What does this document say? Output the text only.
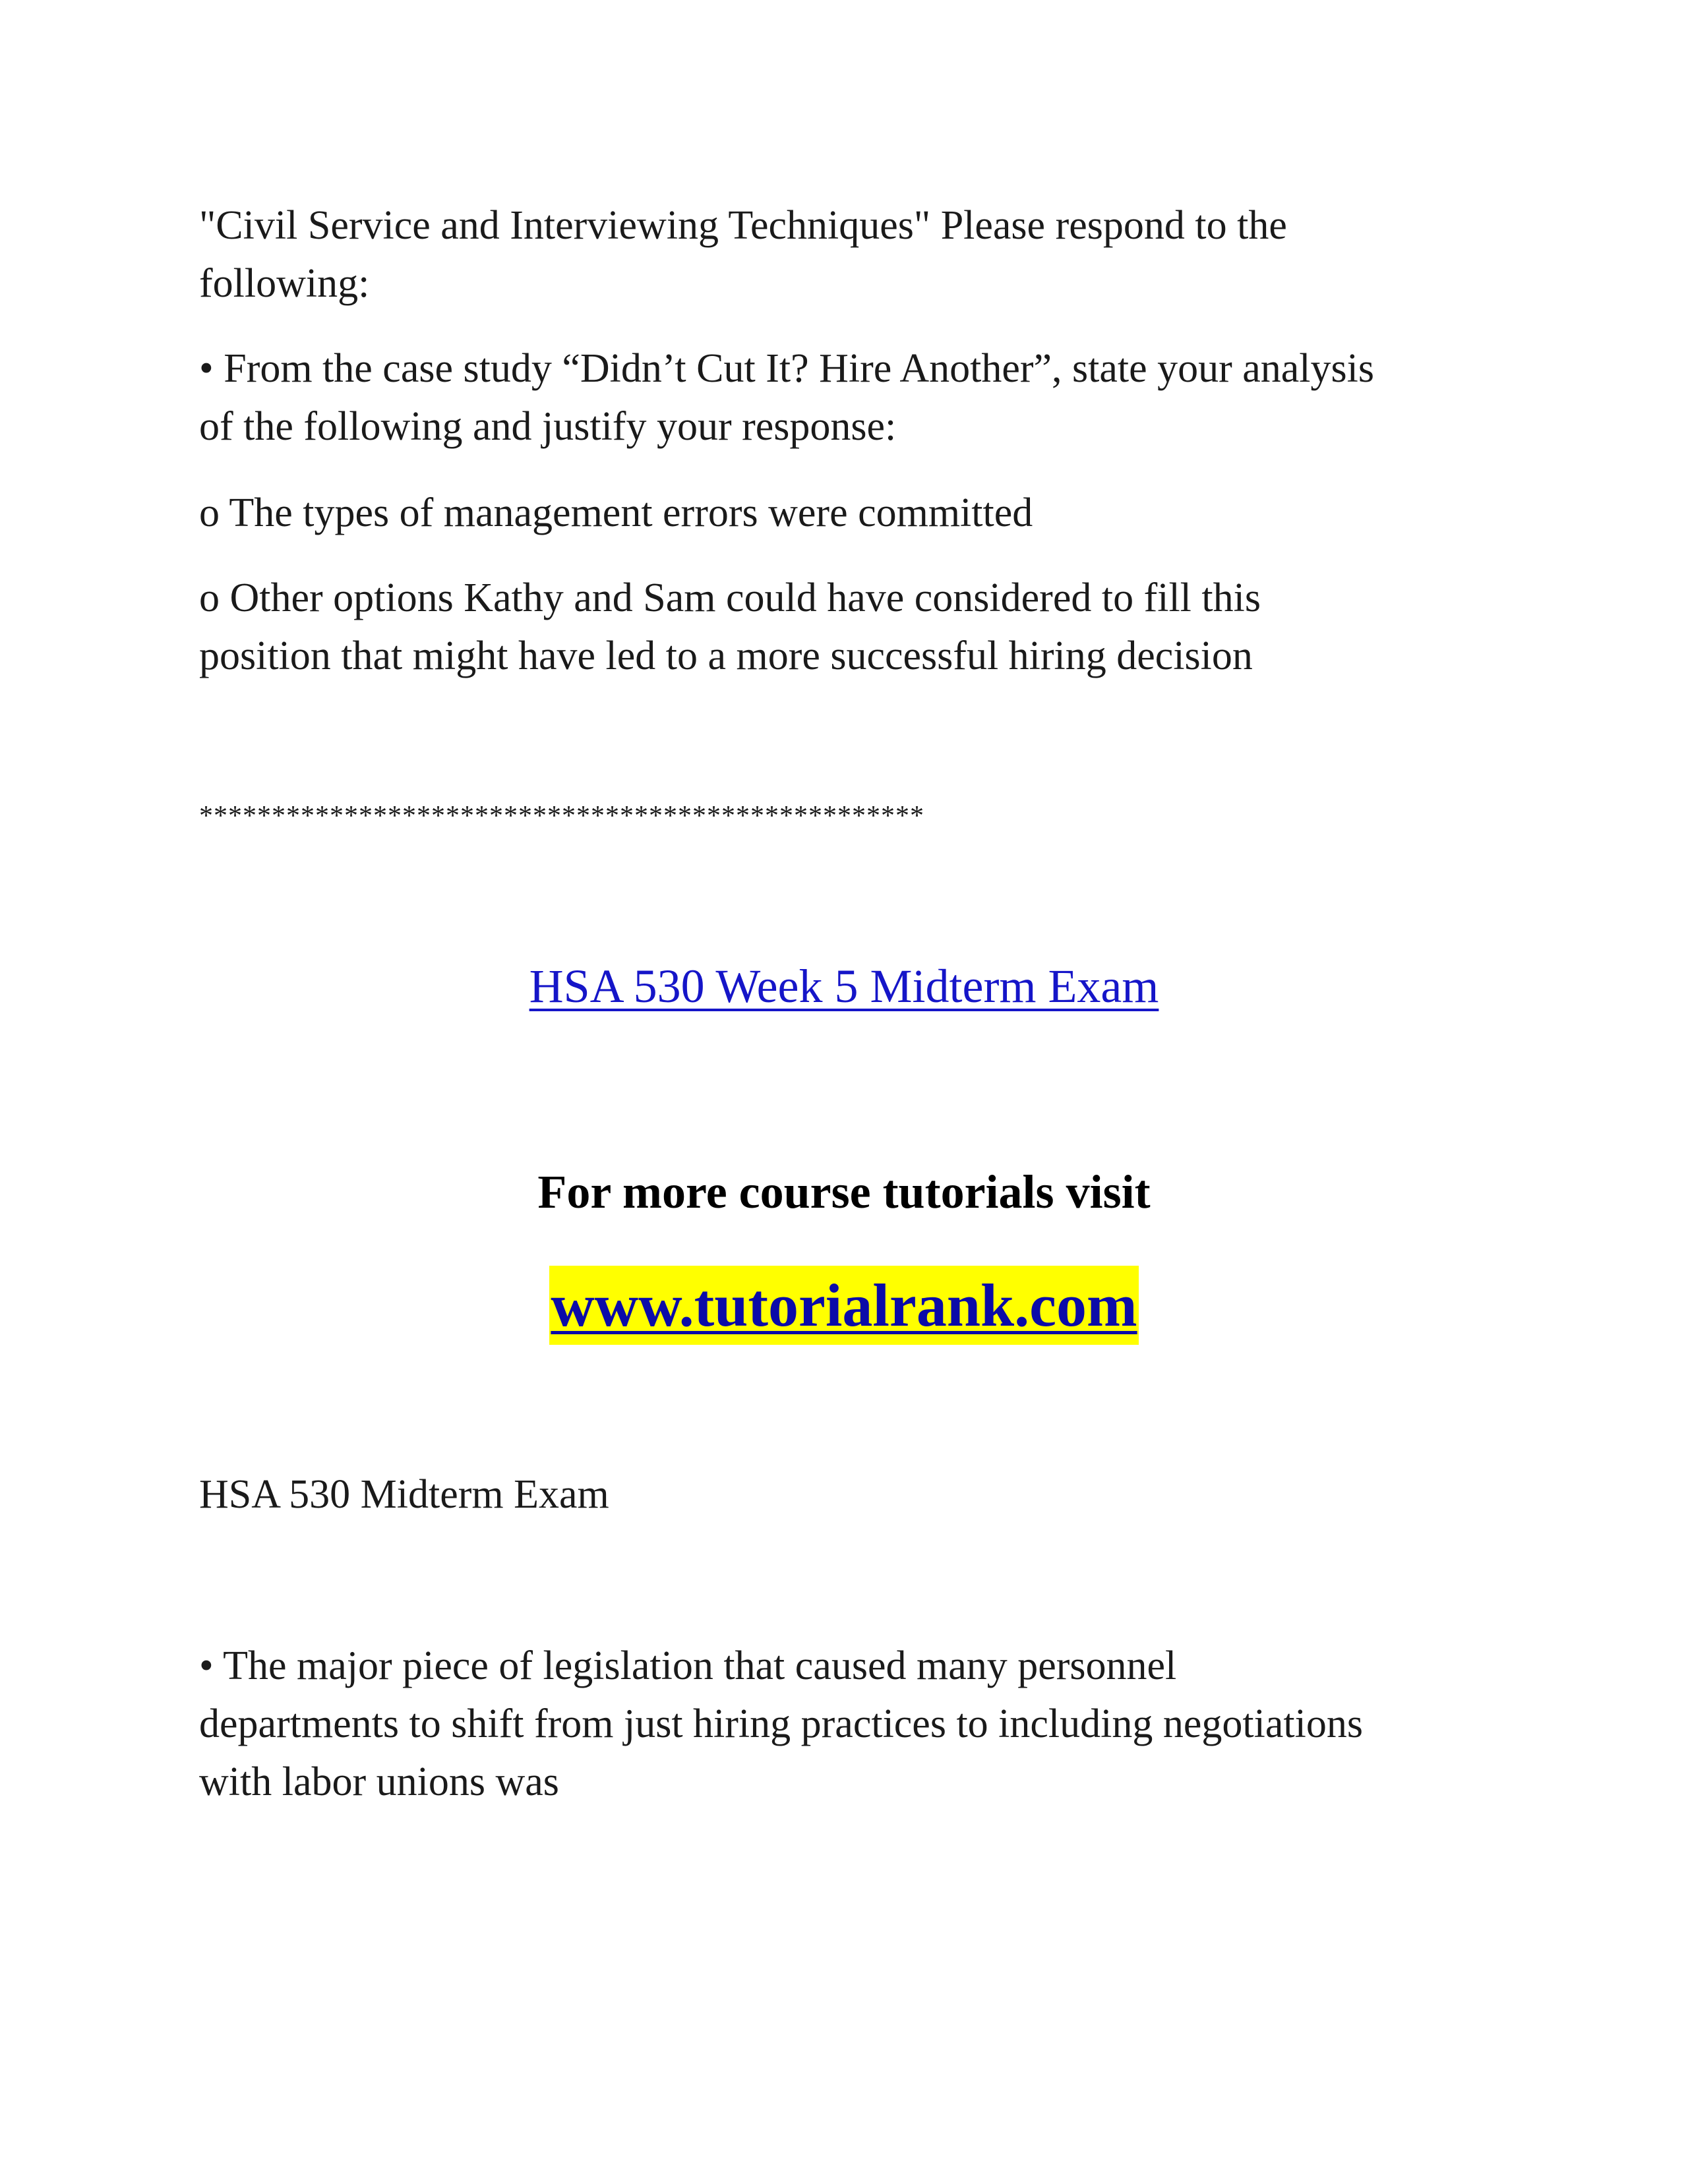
"Civil Service and Interviewing Techniques" Please respond to the
following:

• From the case study “Didn’t Cut It? Hire Another”, state your analysis
of the following and justify your response:

o The types of management errors were committed

o Other options Kathy and Sam could have considered to fill this
position that might have led to a more successful hiring decision

**************************************************

HSA 530 Week 5 Midterm Exam

For more course tutorials visit

www.tutorialrank.com

HSA 530 Midterm Exam

• The major piece of legislation that caused many personnel
departments to shift from just hiring practices to including negotiations
with labor unions was
